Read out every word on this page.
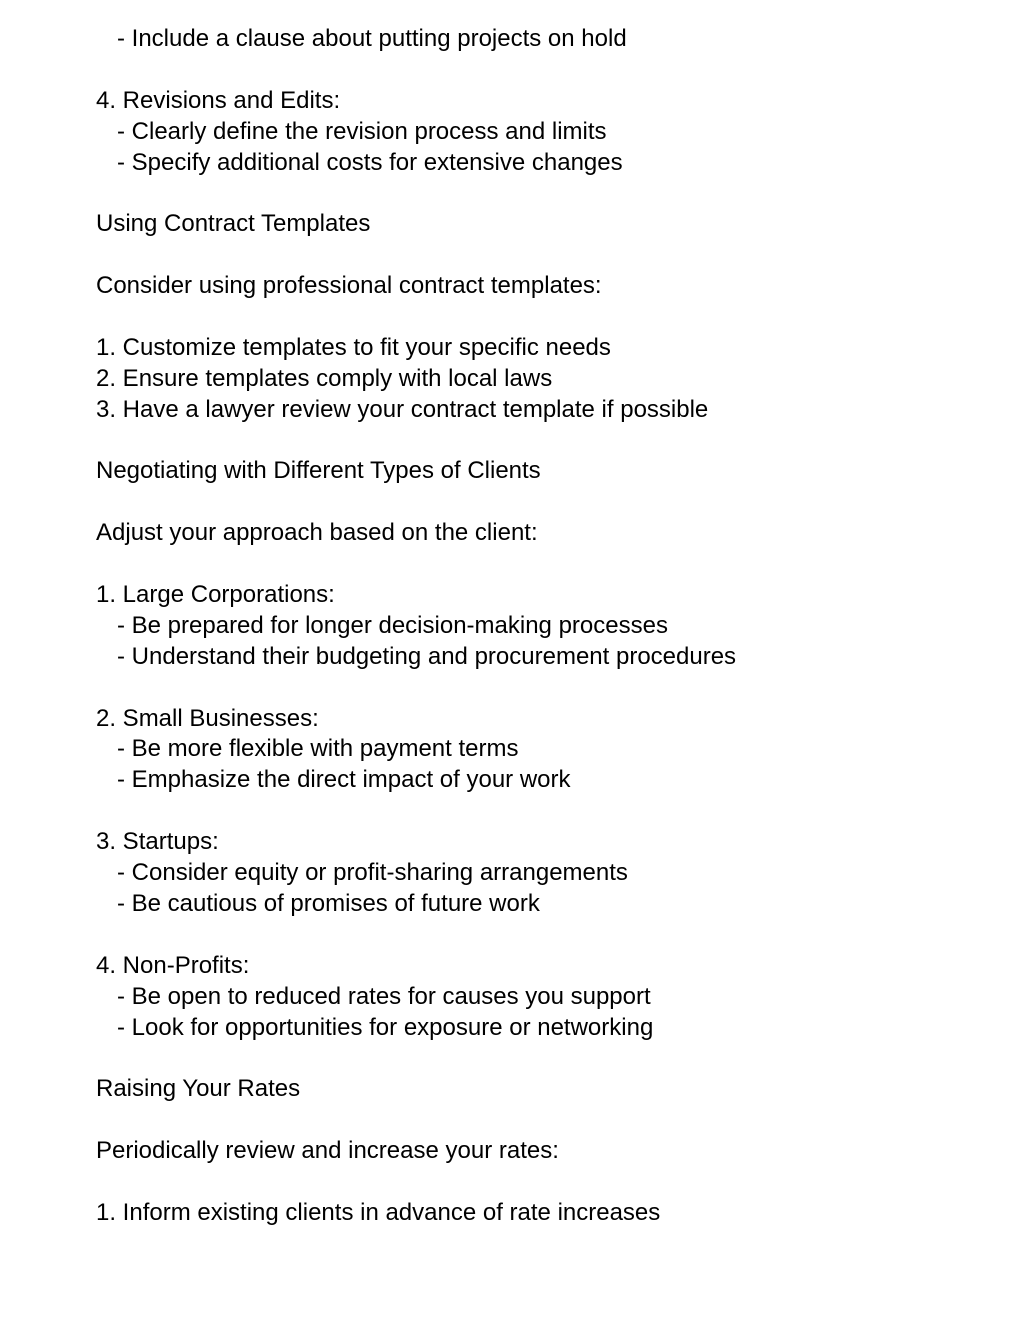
- Include a clause about putting projects on hold
4. Revisions and Edits:
- Clearly define the revision process and limits
- Specify additional costs for extensive changes
Using Contract Templates
Consider using professional contract templates:
1. Customize templates to fit your specific needs
2. Ensure templates comply with local laws
3. Have a lawyer review your contract template if possible
Negotiating with Different Types of Clients
Adjust your approach based on the client:
1. Large Corporations:
- Be prepared for longer decision-making processes
- Understand their budgeting and procurement procedures
2. Small Businesses:
- Be more flexible with payment terms
- Emphasize the direct impact of your work
3. Startups:
- Consider equity or profit-sharing arrangements
- Be cautious of promises of future work
4. Non-Profits:
- Be open to reduced rates for causes you support
- Look for opportunities for exposure or networking
Raising Your Rates
Periodically review and increase your rates:
1. Inform existing clients in advance of rate increases
